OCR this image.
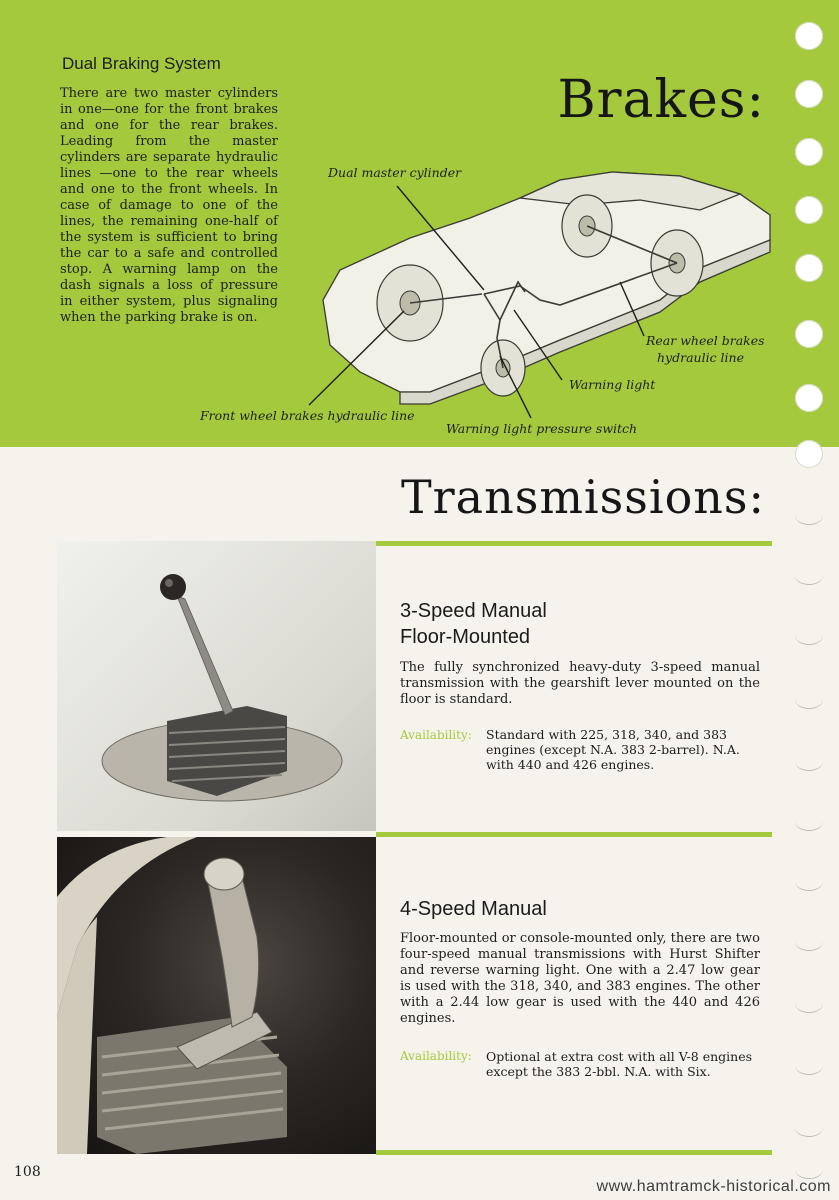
Dual Braking System
There are two master cylinders in one—one for the front brakes and one for the rear brakes. Leading from the master cylinders are separate hydraulic lines —one to the rear wheels and one to the front wheels. In case of damage to one of the lines, the remaining one-half of the system is sufficient to bring the car to a safe and controlled stop. A warning lamp on the dash signals a loss of pressure in either system, plus signaling when the parking brake is on.
Brakes:
Dual master cylinder
Rear wheel brakes
hydraulic line
Warning light
Front wheel brakes hydraulic line
Warning light pressure switch
Transmissions:
3-Speed Manual
Floor-Mounted
The fully synchronized heavy-duty 3-speed manual transmission with the gearshift lever mounted on the floor is standard.
Availability: Standard with 225, 318, 340, and 383 engines (except N.A. 383 2-barrel). N.A. with 440 and 426 engines.
4-Speed Manual
Floor-mounted or console-mounted only, there are two four-speed manual transmissions with Hurst Shifter and reverse warning light. One with a 2.47 low gear is used with the 318, 340, and 383 engines. The other with a 2.44 low gear is used with the 440 and 426 engines.
Availability: Optional at extra cost with all V-8 engines except the 383 2-bbl. N.A. with Six.
108
www.hamtramck-historical.com
